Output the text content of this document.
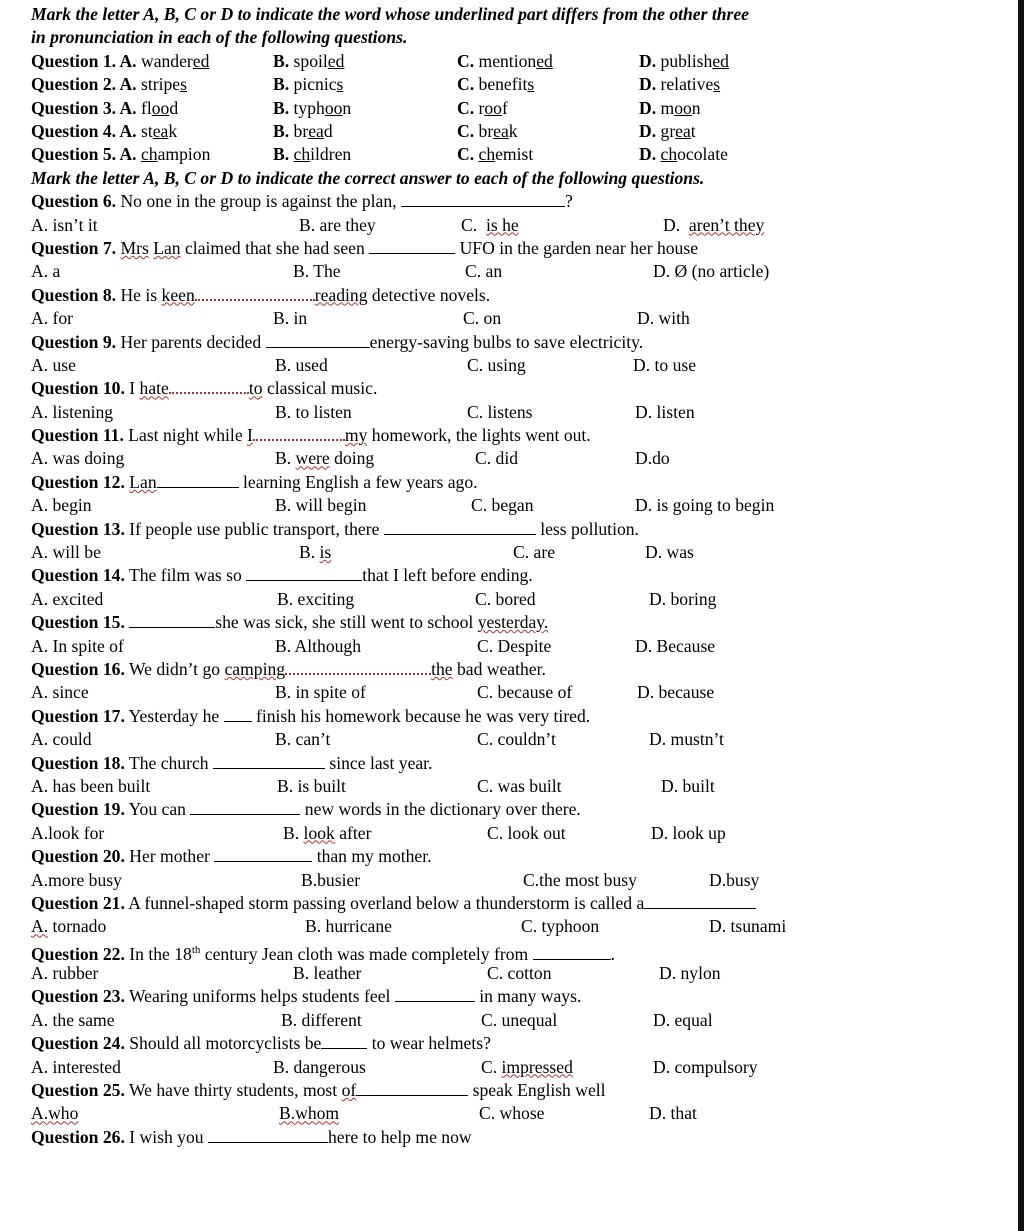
Mark the letter A, B, C or D to indicate the word whose underlined part differs from the other three
in pronunciation in each of the following questions.
Question 1. A. wandered	B. spoiled	C. mentioned	D. published
Question 2. A. stripes	B. picnics	C. benefits	D. relatives
Question 3. A. flood	B. typhoon	C. roof	D. moon
Question 4. A. steak	B. bread	C. break	D. great
Question 5. A. champion	B. children	C. chemist	D. chocolate
Mark the letter A, B, C or D to indicate the correct answer to each of the following questions.
Question 6. No one in the group is against the plan,	?
A. isn’t it	B. are they	C. is he	D. aren’t they
Question 7. Mrs Lan claimed that she had seen	UFO in the garden near her house
A. a	B. The	C. an	D. Ø (no article)
Question 8. He is keen	reading detective novels.
A. for	B. in	C. on	D. with
Question 9. Her parents decided	energy-saving bulbs to save electricity.
A. use	B. used	C. using	D. to use
Question 10. I hate	to classical music.
A. listening	B. to listen	C. listens	D. listen
Question 11. Last night while I	my homework, the lights went out.
A. was doing	B. were doing	C. did	D.do
Question 12. Lan	learning English a few years ago.
A. begin	B. will begin	C. began	D. is going to begin
Question 13. If people use public transport, there	less pollution.
A. will be	B. is	C. are	D. was
Question 14. The film was so	that I left before ending.
A. excited	B. exciting	C. bored	D. boring
Question 15.	she was sick, she still went to school yesterday.
A. In spite of	B. Although	C. Despite	D. Because
Question 16. We didn’t go camping	the bad weather.
A. since	B. in spite of	C. because of	D. because
Question 17. Yesterday he finish his homework because he was very tired.
A. could	B. can’t	C. couldn’t	D. mustn’t
Question 18. The church	since last year.
A. has been built	B. is built	C. was built	D. built
Question 19. You can	new words in the dictionary over there.
A.look for	B. look after	C. look out	D. look up
Question 20. Her mother	than my mother.
A.more busy	B.busier	C.the most busy	D.busy
Question 21. A funnel-shaped storm passing overland below a thunderstorm is called a
A. tornado	B. hurricane	C. typhoon	D. tsunami
Question 22. In the 18th century Jean cloth was made completely from	.
A. rubber	B. leather	C. cotton	D. nylon
Question 23. Wearing uniforms helps students feel	in many ways.
A. the same	B. different	C. unequal	D. equal
Question 24. Should all motorcyclists be	to wear helmets?
A. interested	B. dangerous	C. impressed	D. compulsory
Question 25. We have thirty students, most of	speak English well
A.who	B.whom	C. whose	D. that
Question 26. I wish you	here to help me now
